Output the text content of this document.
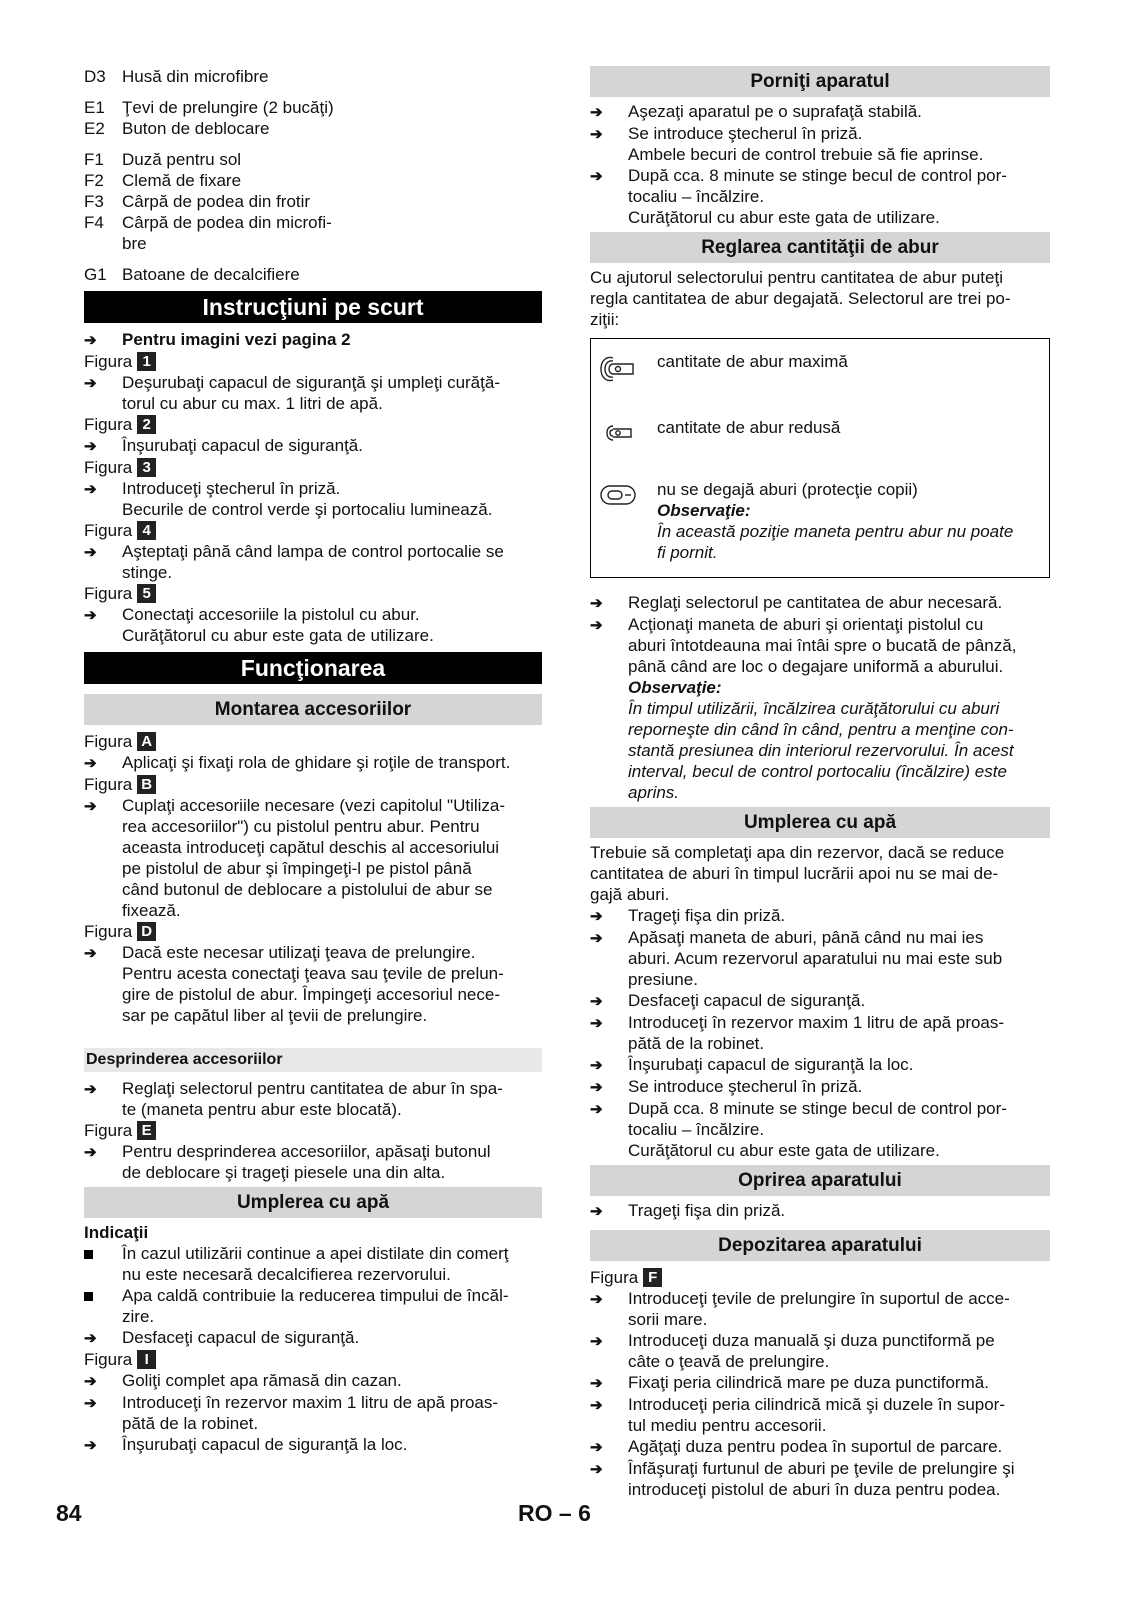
D3 Husă din microfibre
E1	Ţevi de prelungire (2 bucăţi)
E2	Buton de deblocare
F1	Duză pentru sol
F2	Clemă de fixare
F3	Cârpă de podea din frotir
F4	Cârpă de podea din microfi-
bre
G1 Batoane de decalcifiere
Instrucţiuni pe scurt
➔
Pentru imagini vezi pagina 2
Figura 1
➔
Deşurubaţi capacul de siguranţă şi umpleţi curăţă-
torul cu abur cu max. 1 litri de apă.
Figura 2
➔
Înşurubaţi capacul de siguranţă.
Figura 3
➔
Introduceţi ştecherul în priză.
Becurile de control verde şi portocaliu luminează.
Figura 4
➔
Aşteptaţi până când lampa de control portocalie se
stinge.
Figura 5
➔
Conectaţi accesoriile la pistolul cu abur.
Curăţătorul cu abur este gata de utilizare.
Funcţionarea
Montarea accesoriilor
Figura A
➔
Aplicaţi şi fixaţi rola de ghidare şi roţile de transport.
Figura B
➔
Cuplaţi accesoriile necesare (vezi capitolul "Utiliza-
rea accesoriilor") cu pistolul pentru abur. Pentru
aceasta introduceţi capătul deschis al accesoriului
pe pistolul de abur şi împingeţi-l pe pistol până
când butonul de deblocare a pistolului de abur se
fixează.
Figura D
➔
Dacă este necesar utilizaţi ţeava de prelungire.
Pentru acesta conectaţi ţeava sau ţevile de prelun-
gire de pistolul de abur. Împingeţi accesoriul nece-
sar pe capătul liber al ţevii de prelungire.
Desprinderea accesoriilor
➔
Reglaţi selectorul pentru cantitatea de abur în spa-
te (maneta pentru abur este blocată).
Figura E
➔
Pentru desprinderea accesoriilor, apăsaţi butonul
de deblocare şi trageţi piesele una din alta.
Umplerea cu apă
Indicaţii
În cazul utilizării continue a apei distilate din comerţ
nu este necesară decalcifierea rezervorului.
Apa caldă contribuie la reducerea timpului de încăl-
zire.
➔
Desfaceţi capacul de siguranţă.
Figura I
➔
Goliţi complet apa rămasă din cazan.
➔
Introduceţi în rezervor maxim 1 litru de apă proas-
pătă de la robinet.
➔
Înşurubaţi capacul de siguranţă la loc.
Porniţi aparatul
➔
Aşezaţi aparatul pe o suprafaţă stabilă.
➔
Se introduce ştecherul în priză.
Ambele becuri de control trebuie să fie aprinse.
➔
După cca. 8 minute se stinge becul de control por-
tocaliu – încălzire.
Curăţătorul cu abur este gata de utilizare.
Reglarea cantităţii de abur
Cu ajutorul selectorului pentru cantitatea de abur puteţi
regla cantitatea de abur degajată. Selectorul are trei po-
ziţii:
cantitate de abur maximă
cantitate de abur redusă
nu se degajă aburi (protecţie copii)
Observaţie:
În această poziţie maneta pentru abur nu poate
fi pornit.
➔
Reglaţi selectorul pe cantitatea de abur necesară.
➔
Acţionaţi maneta de aburi şi orientaţi pistolul cu
aburi întotdeauna mai întâi spre o bucată de pânză,
până când are loc o degajare uniformă a aburului.
Observaţie:
În timpul utilizării, încălzirea curăţătorului cu aburi
reporneşte din când în când, pentru a menţine con-
stantă presiunea din interiorul rezervorului. În acest
interval, becul de control portocaliu (încălzire) este
aprins.
Umplerea cu apă
Trebuie să completaţi apa din rezervor, dacă se reduce
cantitatea de aburi în timpul lucrării apoi nu se mai de-
gajă aburi.
➔
Trageţi fişa din priză.
➔
Apăsaţi maneta de aburi, până când nu mai ies
aburi. Acum rezervorul aparatului nu mai este sub
presiune.
➔
Desfaceţi capacul de siguranţă.
➔
Introduceţi în rezervor maxim 1 litru de apă proas-
pătă de la robinet.
➔
Înşurubaţi capacul de siguranţă la loc.
➔
Se introduce ştecherul în priză.
➔
După cca. 8 minute se stinge becul de control por-
tocaliu – încălzire.
Curăţătorul cu abur este gata de utilizare.
Oprirea aparatului
➔
Trageţi fişa din priză.
Depozitarea aparatului
Figura F
➔
Introduceţi ţevile de prelungire în suportul de acce-
sorii mare.
➔
Introduceţi duza manuală şi duza punctiformă pe
câte o ţeavă de prelungire.
➔
Fixaţi peria cilindrică mare pe duza punctiformă.
➔
Introduceţi peria cilindrică mică şi duzele în supor-
tul mediu pentru accesorii.
➔
Agăţaţi duza pentru podea în suportul de parcare.
➔
Înfăşuraţi furtunul de aburi pe ţevile de prelungire şi
introduceţi pistolul de aburi în duza pentru podea.
84	RO – 6
